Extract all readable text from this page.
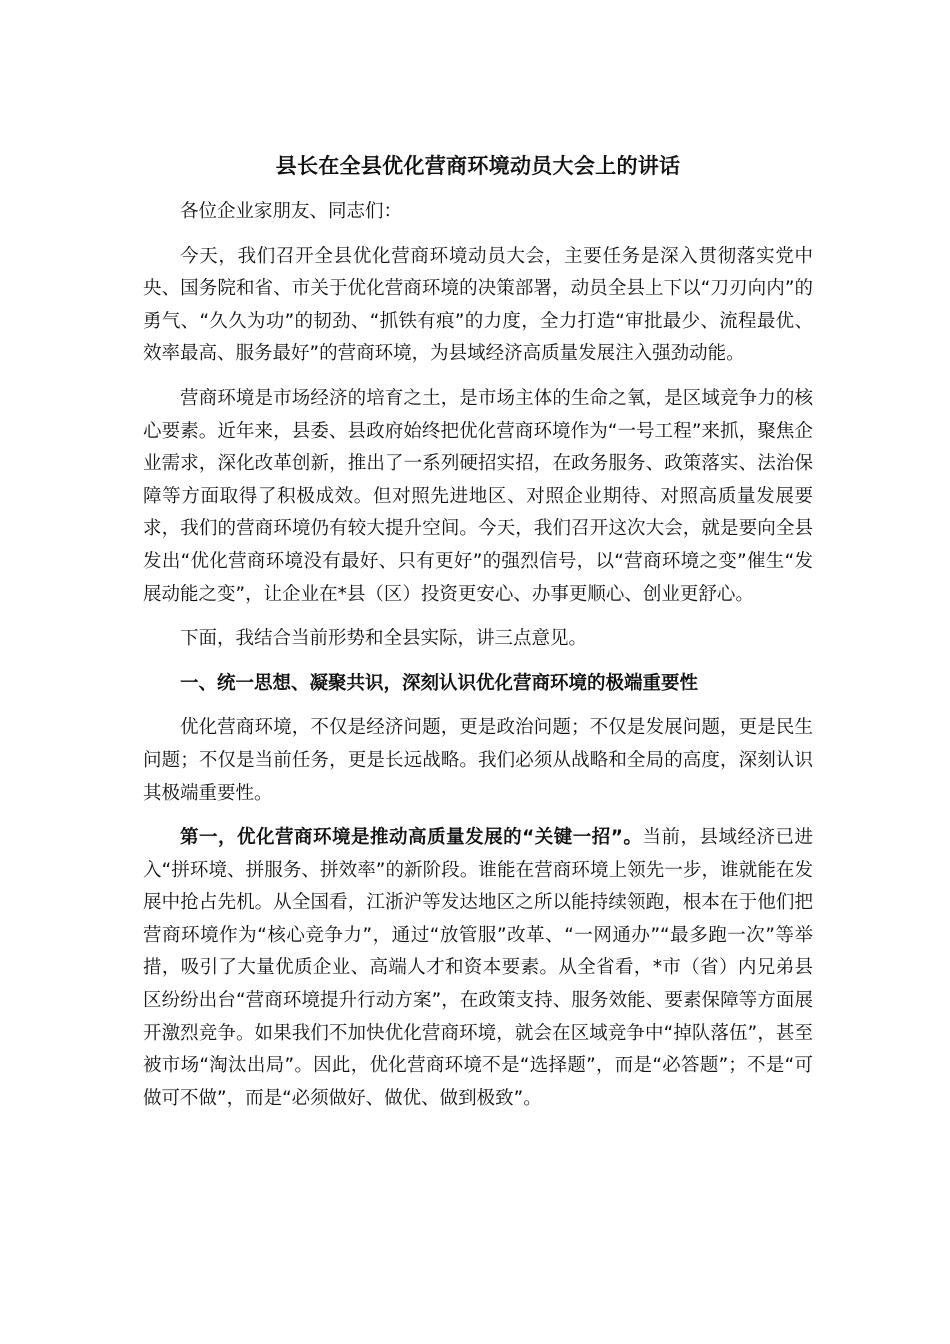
县长在全县优化营商环境动员大会上的讲话

各位企业家朋友、同志们：

今天，我们召开全县优化营商环境动员大会，主要任务是深入贯彻落实党中央、国务院和省、市关于优化营商环境的决策部署，动员全县上下以“刀刃向内”的勇气、“久久为功”的韧劲、“抓铁有痕”的力度，全力打造“审批最少、流程最优、效率最高、服务最好”的营商环境，为县域经济高质量发展注入强劲动能。

营商环境是市场经济的培育之土，是市场主体的生命之氧，是区域竞争力的核心要素。近年来，县委、县政府始终把优化营商环境作为“一号工程”来抓，聚焦企业需求，深化改革创新，推出了一系列硬招实招，在政务服务、政策落实、法治保障等方面取得了积极成效。但对照先进地区、对照企业期待、对照高质量发展要求，我们的营商环境仍有较大提升空间。今天，我们召开这次大会，就是要向全县发出“优化营商环境没有最好、只有更好”的强烈信号，以“营商环境之变”催生“发展动能之变”，让企业在*县（区）投资更安心、办事更顺心、创业更舒心。

下面，我结合当前形势和全县实际，讲三点意见。

一、统一思想、凝聚共识，深刻认识优化营商环境的极端重要性

优化营商环境，不仅是经济问题，更是政治问题；不仅是发展问题，更是民生问题；不仅是当前任务，更是长远战略。我们必须从战略和全局的高度，深刻认识其极端重要性。

第一，优化营商环境是推动高质量发展的“关键一招”。当前，县域经济已进入“拼环境、拼服务、拼效率”的新阶段。谁能在营商环境上领先一步，谁就能在发展中抢占先机。从全国看，江浙沪等发达地区之所以能持续领跑，根本在于他们把营商环境作为“核心竞争力”，通过“放管服”改革、“一网通办”“最多跑一次”等举措，吸引了大量优质企业、高端人才和资本要素。从全省看，*市（省）内兄弟县区纷纷出台“营商环境提升行动方案”，在政策支持、服务效能、要素保障等方面展开激烈竞争。如果我们不加快优化营商环境，就会在区域竞争中“掉队落伍”，甚至被市场“淘汰出局”。因此，优化营商环境不是“选择题”，而是“必答题”；不是“可做可不做”，而是“必须做好、做优、做到极致”。
